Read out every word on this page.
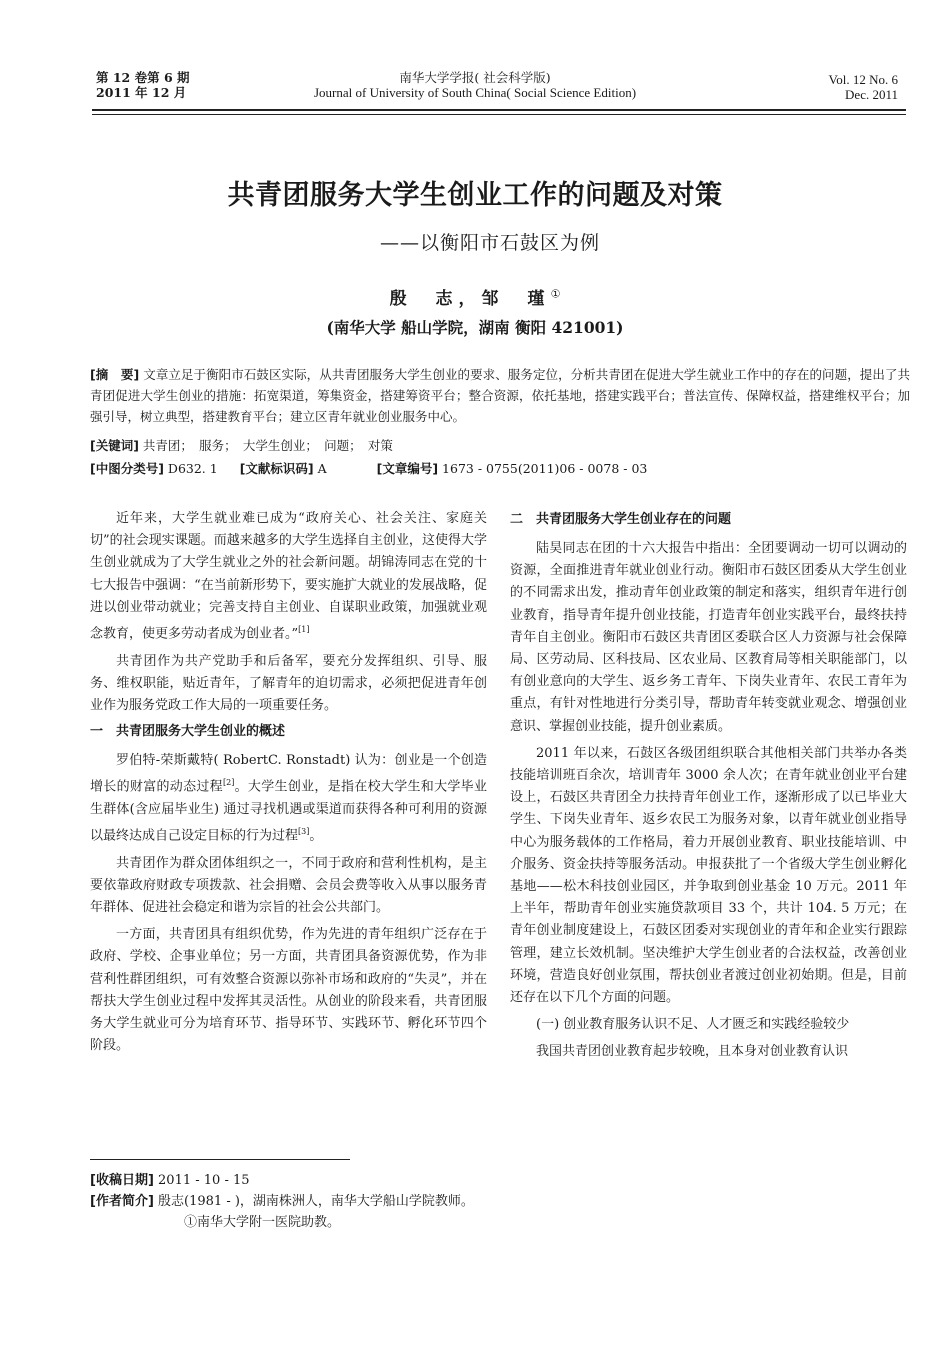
第 12 卷第 6 期
2011 年 12 月
南华大学学报( 社会科学版)
Journal of University of South China( Social Science Edition)
Vol. 12 No. 6
Dec. 2011
共青团服务大学生创业工作的问题及对策
——以衡阳市石鼓区为例
殷　志，邹　瑾①
(南华大学 船山学院，湖南 衡阳 421001)
[摘　要] 文章立足于衡阳市石鼓区实际，从共青团服务大学生创业的要求、服务定位，分析共青团在促进大学生就业工作中的存在的问题，提出了共青团促进大学生创业的措施：拓宽渠道，筹集资金，搭建筹资平台；整合资源，依托基地，搭建实践平台；普法宣传、保障权益，搭建维权平台；加强引导，树立典型，搭建教育平台；建立区青年就业创业服务中心。
[关键词] 共青团；　服务；　大学生创业；　问题；　对策
[中图分类号] D632. 1 [文献标识码] A	[文章编号] 1673 - 0755(2011)06 - 0078 - 03

近年来，大学生就业难已成为“政府关心、社会关注、家庭关切”的社会现实课题。而越来越多的大学生选择自主创业，这使得大学生创业就成为了大学生就业之外的社会新问题。胡锦涛同志在党的十七大报告中强调：“在当前新形势下，要实施扩大就业的发展战略，促进以创业带动就业；完善支持自主创业、自谋职业政策，加强就业观念教育，使更多劳动者成为创业者。”[1]

共青团作为共产党助手和后备军，要充分发挥组织、引导、服务、维权职能，贴近青年，了解青年的迫切需求，必须把促进青年创业作为服务党政工作大局的一项重要任务。

一　共青团服务大学生创业的概述

罗伯特-荣斯戴特( RobertC. Ronstadt) 认为：创业是一个创造增长的财富的动态过程[2]。大学生创业，是指在校大学生和大学毕业生群体(含应届毕业生) 通过寻找机遇或渠道而获得各种可利用的资源以最终达成自己设定目标的行为过程[3]。

共青团作为群众团体组织之一，不同于政府和营利性机构，是主要依靠政府财政专项拨款、社会捐赠、会员会费等收入从事以服务青年群体、促进社会稳定和谐为宗旨的社会公共部门。

一方面，共青团具有组织优势，作为先进的青年组织广泛存在于政府、学校、企事业单位；另一方面，共青团具备资源优势，作为非营利性群团组织，可有效整合资源以弥补市场和政府的“失灵”，并在帮扶大学生创业过程中发挥其灵活性。从创业的阶段来看，共青团服务大学生就业可分为培育环节、指导环节、实践环节、孵化环节四个阶段。

二　共青团服务大学生创业存在的问题

陆昊同志在团的十六大报告中指出：全团要调动一切可以调动的资源，全面推进青年就业创业行动。衡阳市石鼓区团委从大学生创业的不同需求出发，推动青年创业政策的制定和落实，组织青年进行创业教育，指导青年提升创业技能，打造青年创业实践平台，最终扶持青年自主创业。衡阳市石鼓区共青团区委联合区人力资源与社会保障局、区劳动局、区科技局、区农业局、区教育局等相关职能部门，以有创业意向的大学生、返乡务工青年、下岗失业青年、农民工青年为重点，有针对性地进行分类引导，帮助青年转变就业观念、增强创业意识、掌握创业技能，提升创业素质。

2011 年以来，石鼓区各级团组织联合其他相关部门共举办各类技能培训班百余次，培训青年 3000 余人次；在青年就业创业平台建设上，石鼓区共青团全力扶持青年创业工作，逐渐形成了以已毕业大学生、下岗失业青年、返乡农民工为服务对象，以青年就业创业指导中心为服务载体的工作格局，着力开展创业教育、职业技能培训、中介服务、资金扶持等服务活动。申报获批了一个省级大学生创业孵化基地——松木科技创业园区，并争取到创业基金 10 万元。2011 年上半年，帮助青年创业实施贷款项目 33 个，共计 104. 5 万元；在青年创业制度建设上，石鼓区团委对实现创业的青年和企业实行跟踪管理，建立长效机制。坚决维护大学生创业者的合法权益，改善创业环境，营造良好创业氛围，帮扶创业者渡过创业初始期。但是，目前还存在以下几个方面的问题。

(一) 创业教育服务认识不足、人才匮乏和实践经验较少

我国共青团创业教育起步较晚，且本身对创业教育认识

[收稿日期] 2011 - 10 - 15
[作者简介] 殷志(1981 - )，湖南株洲人，南华大学船山学院教师。
①南华大学附一医院助教。
